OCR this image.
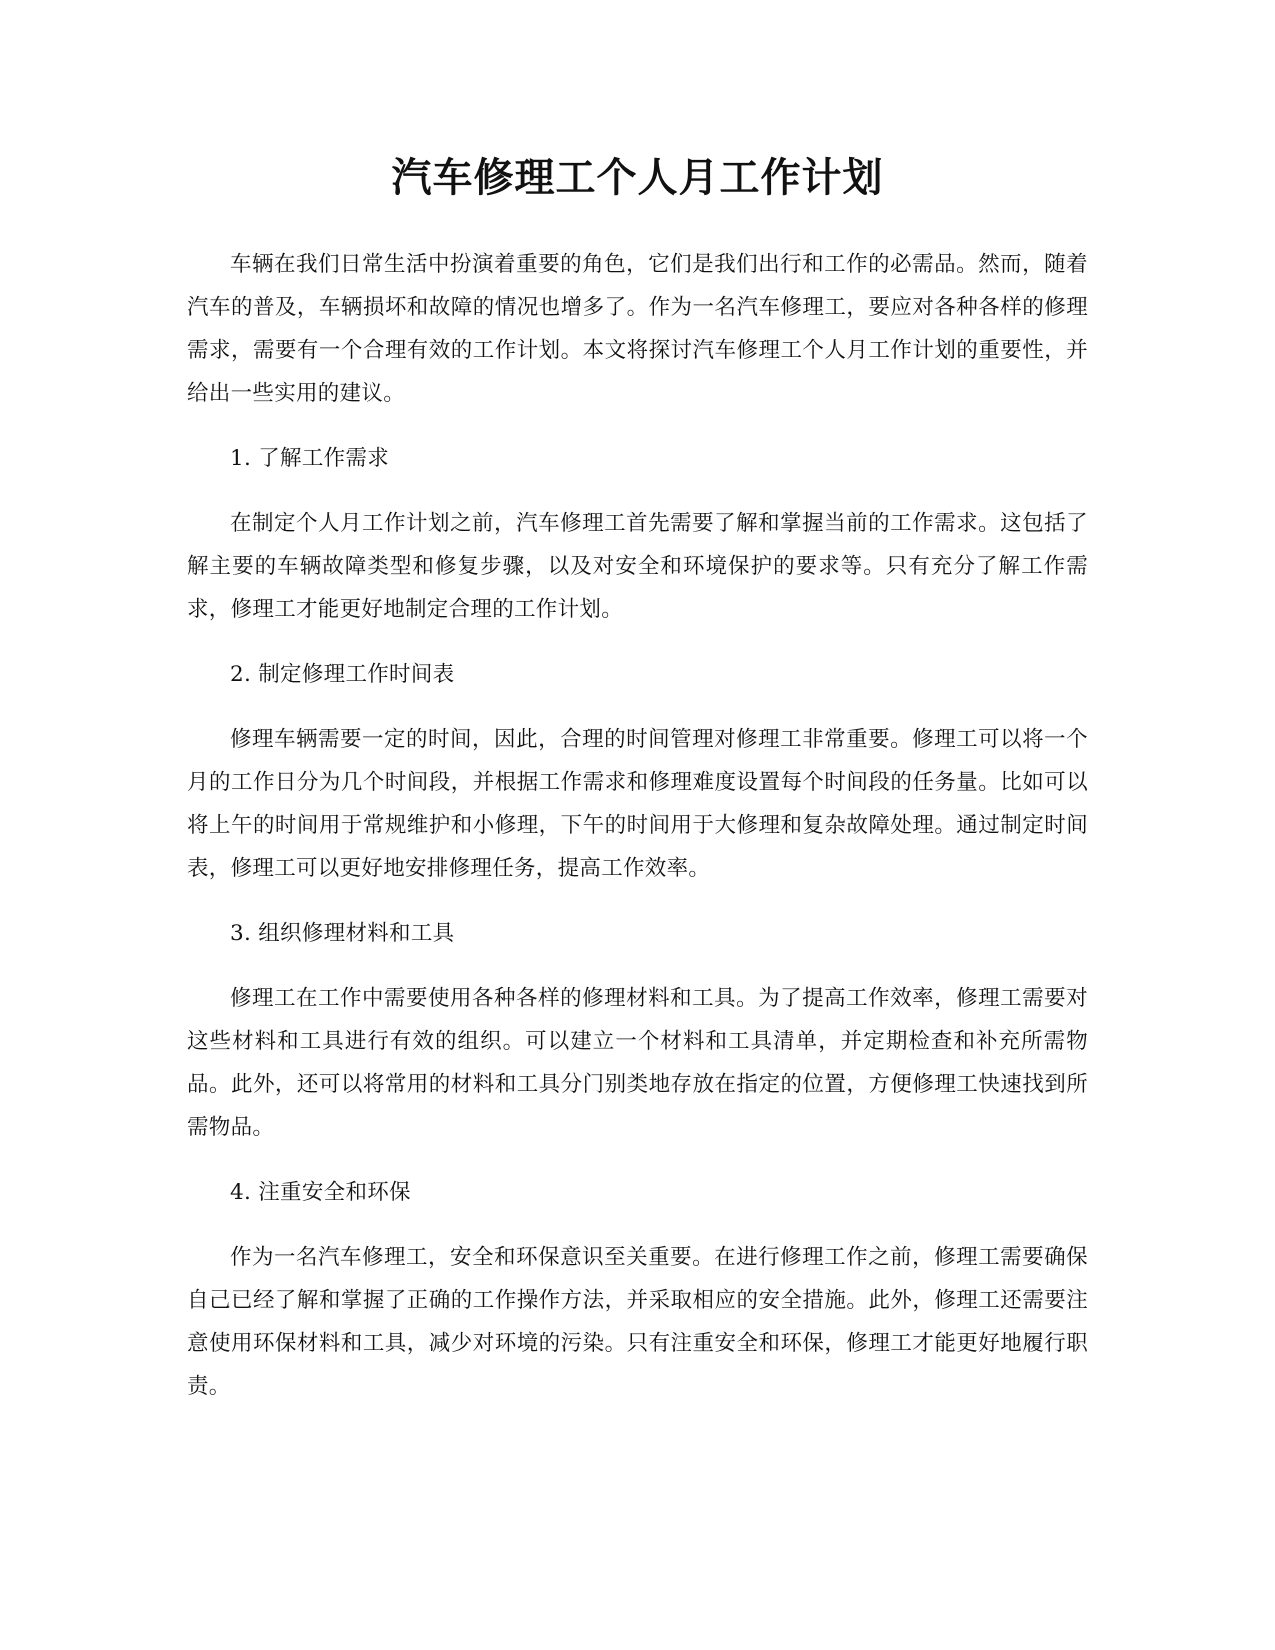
汽车修理工个人月工作计划

车辆在我们日常生活中扮演着重要的角色，它们是我们出行和工作的必需品。然而，随着汽车的普及，车辆损坏和故障的情况也增多了。作为一名汽车修理工，要应对各种各样的修理需求，需要有一个合理有效的工作计划。本文将探讨汽车修理工个人月工作计划的重要性，并给出一些实用的建议。

1. 了解工作需求

在制定个人月工作计划之前，汽车修理工首先需要了解和掌握当前的工作需求。这包括了解主要的车辆故障类型和修复步骤，以及对安全和环境保护的要求等。只有充分了解工作需求，修理工才能更好地制定合理的工作计划。

2. 制定修理工作时间表

修理车辆需要一定的时间，因此，合理的时间管理对修理工非常重要。修理工可以将一个月的工作日分为几个时间段，并根据工作需求和修理难度设置每个时间段的任务量。比如可以将上午的时间用于常规维护和小修理，下午的时间用于大修理和复杂故障处理。通过制定时间表，修理工可以更好地安排修理任务，提高工作效率。

3. 组织修理材料和工具

修理工在工作中需要使用各种各样的修理材料和工具。为了提高工作效率，修理工需要对这些材料和工具进行有效的组织。可以建立一个材料和工具清单，并定期检查和补充所需物品。此外，还可以将常用的材料和工具分门别类地存放在指定的位置，方便修理工快速找到所需物品。

4. 注重安全和环保

作为一名汽车修理工，安全和环保意识至关重要。在进行修理工作之前，修理工需要确保自己已经了解和掌握了正确的工作操作方法，并采取相应的安全措施。此外，修理工还需要注意使用环保材料和工具，减少对环境的污染。只有注重安全和环保，修理工才能更好地履行职责。
